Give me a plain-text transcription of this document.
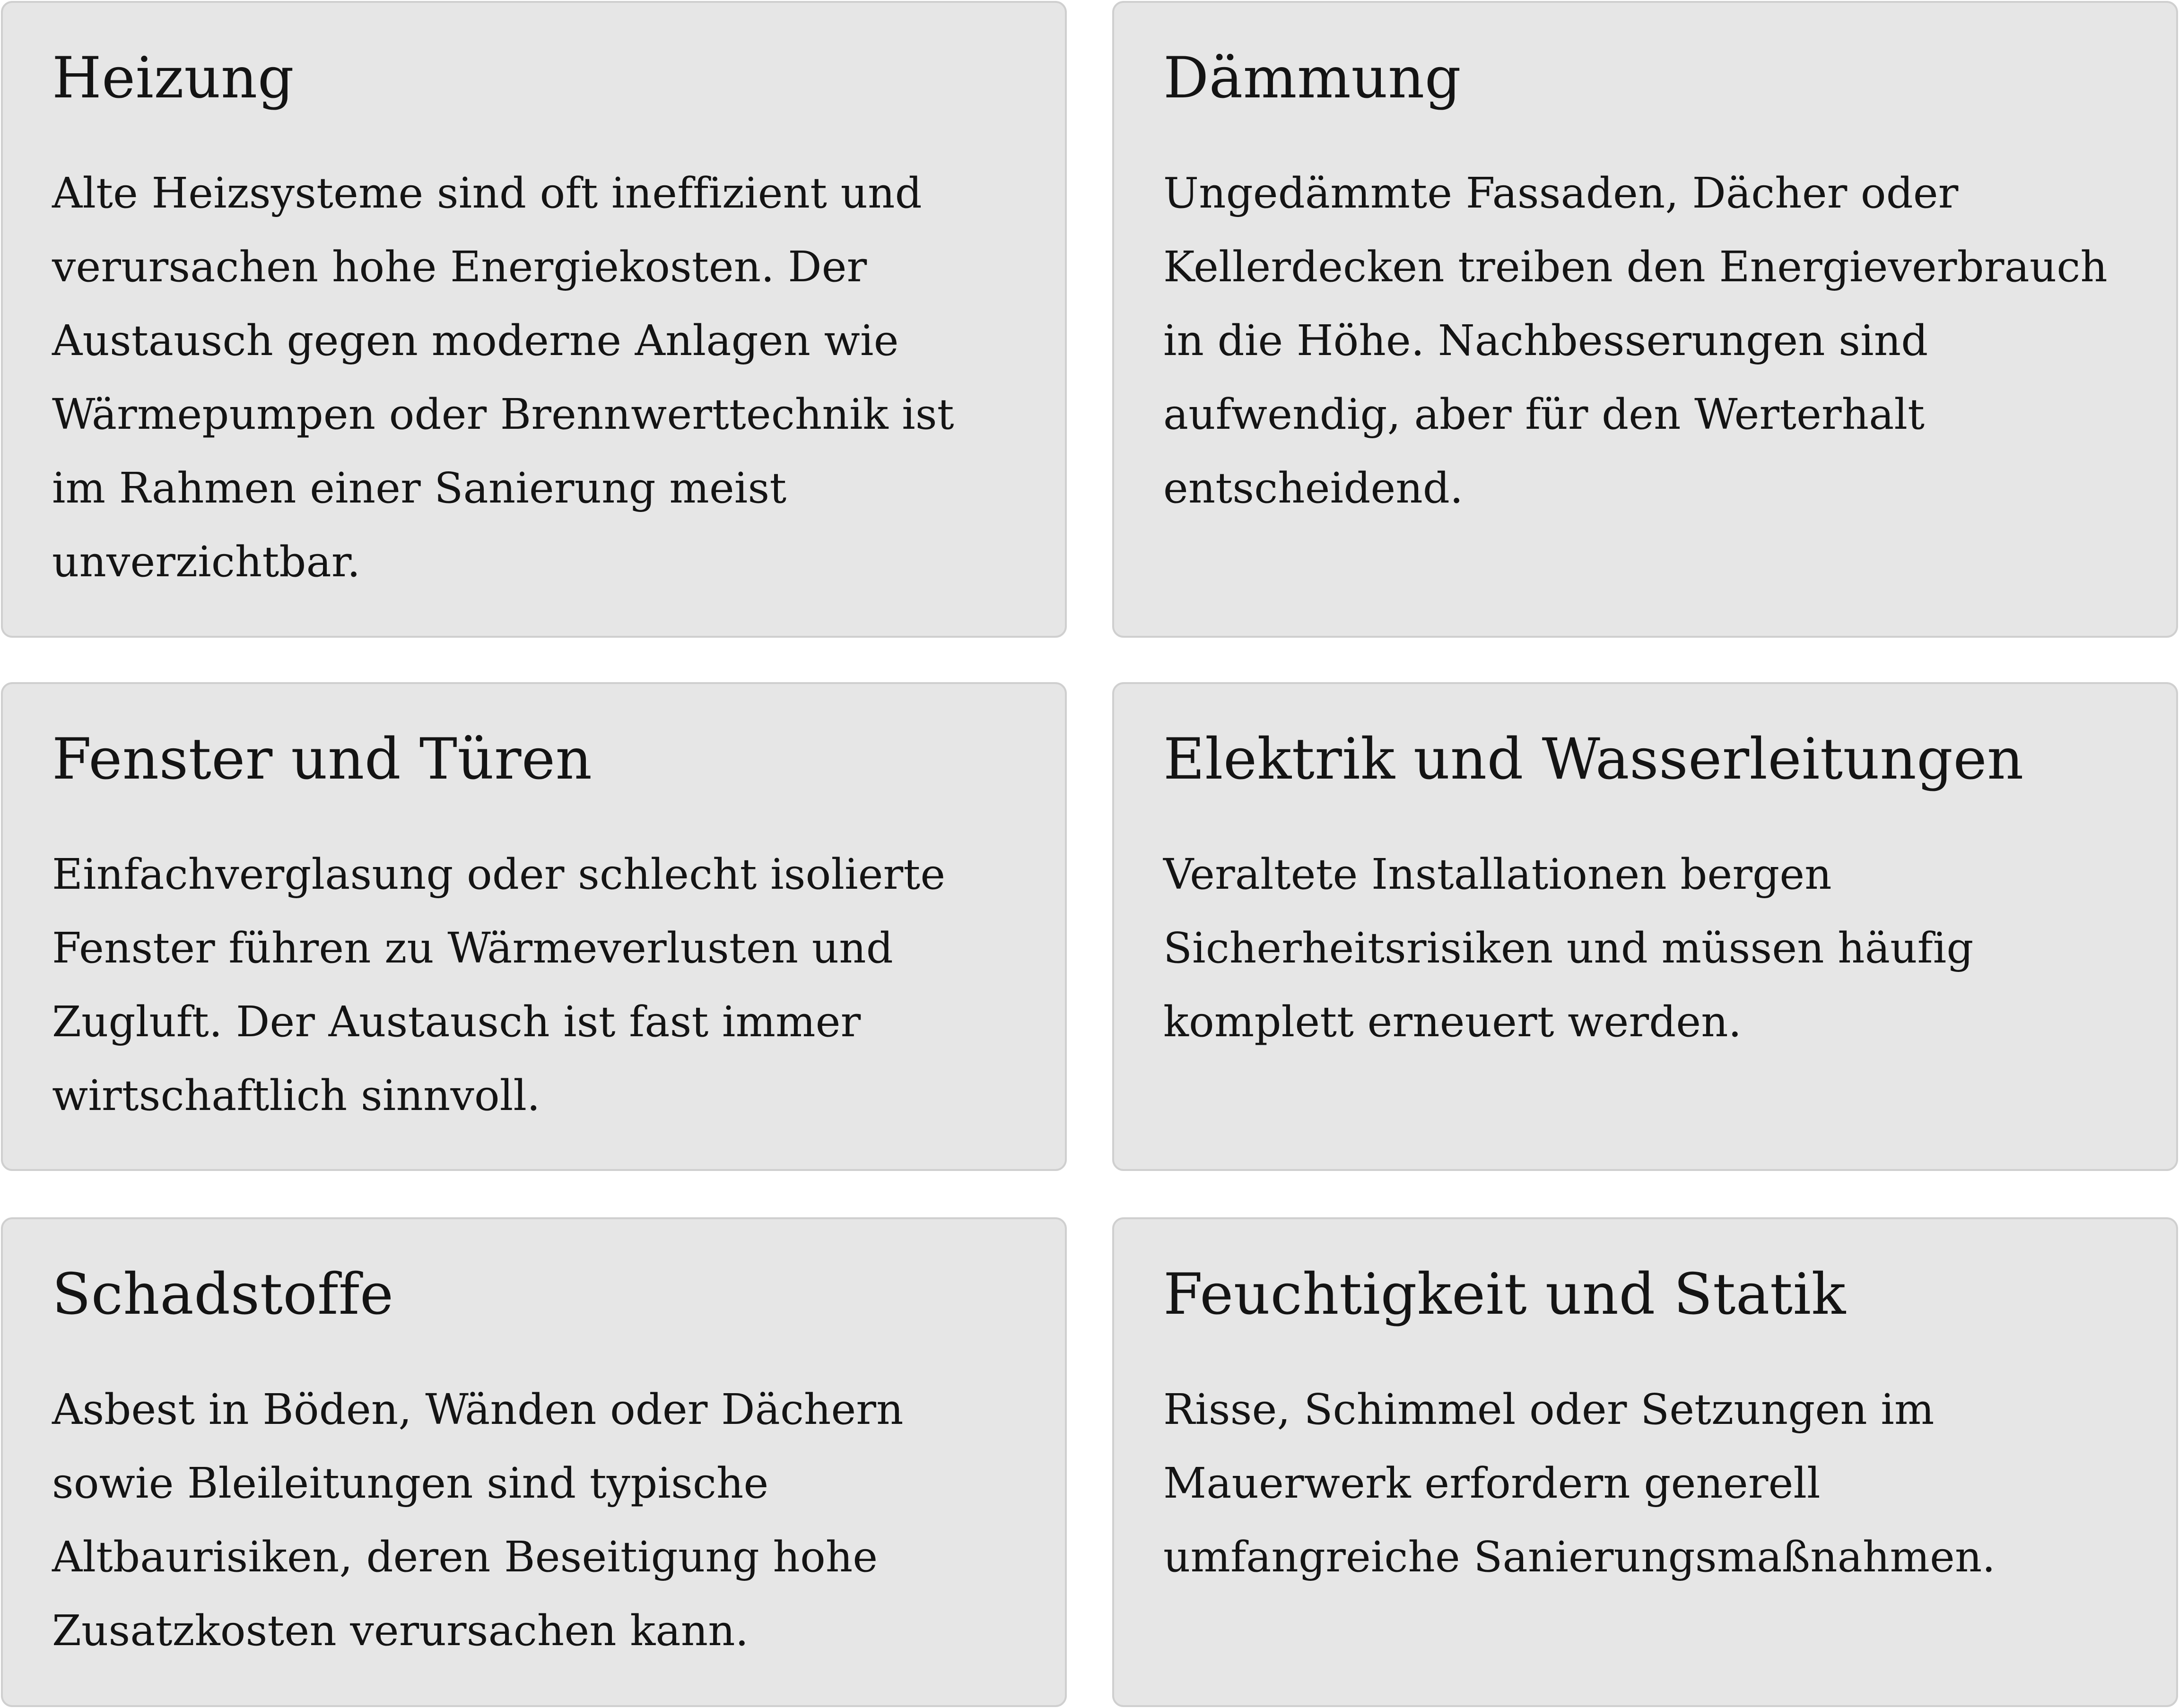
Heizung

Alte Heizsysteme sind oft ineffizient und
verursachen hohe Energiekosten. Der
Austausch gegen moderne Anlagen wie
Wärmepumpen oder Brennwerttechnik ist
im Rahmen einer Sanierung meist
unverzichtbar.

Dämmung

Ungedämmte Fassaden, Dächer oder
Kellerdecken treiben den Energieverbrauch
in die Höhe. Nachbesserungen sind
aufwendig, aber für den Werterhalt
entscheidend.

Fenster und Türen

Einfachverglasung oder schlecht isolierte
Fenster führen zu Wärmeverlusten und
Zugluft. Der Austausch ist fast immer
wirtschaftlich sinnvoll.

Elektrik und Wasserleitungen

Veraltete Installationen bergen
Sicherheitsrisiken und müssen häufig
komplett erneuert werden.

Schadstoffe

Asbest in Böden, Wänden oder Dächern
sowie Bleileitungen sind typische
Altbaurisiken, deren Beseitigung hohe
Zusatzkosten verursachen kann.

Feuchtigkeit und Statik

Risse, Schimmel oder Setzungen im
Mauerwerk erfordern generell
umfangreiche Sanierungsmaßnahmen.
